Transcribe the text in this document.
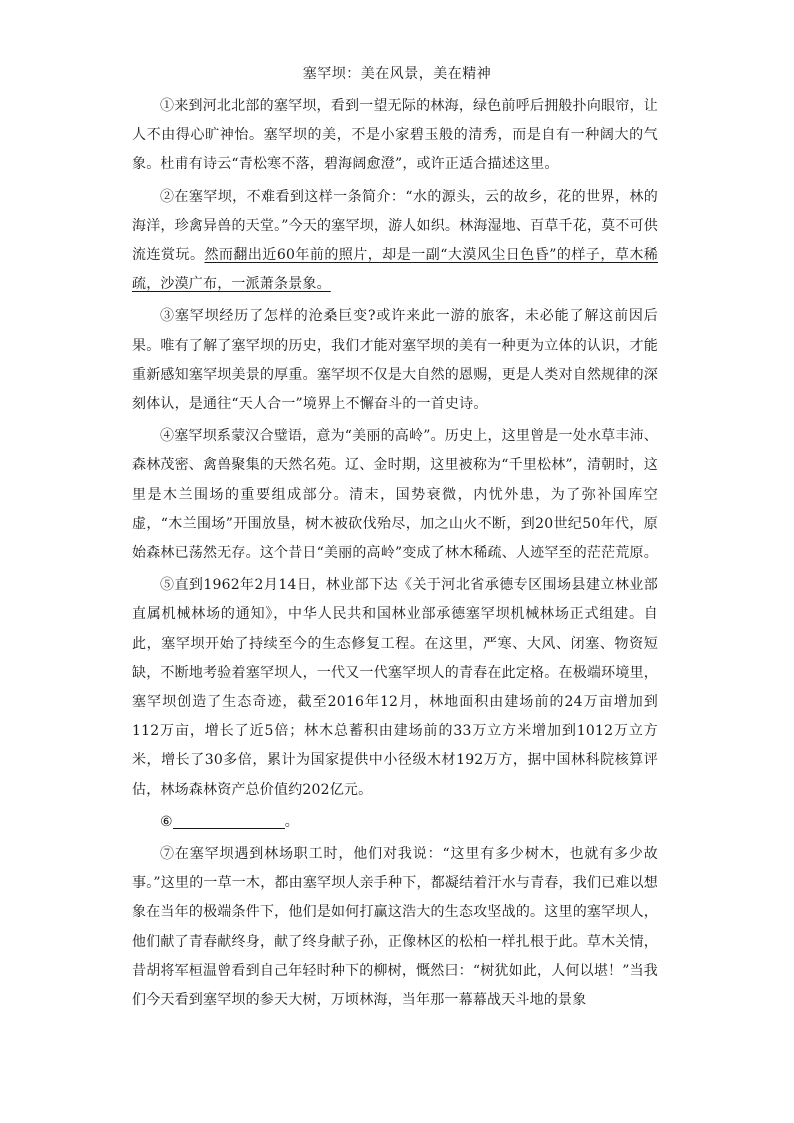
塞罕坝：美在风景，美在精神

①来到河北北部的塞罕坝，看到一望无际的林海，绿色前呼后拥般扑向眼帘，让人不由得心旷神怡。塞罕坝的美，不是小家碧玉般的清秀，而是自有一种阔大的气象。杜甫有诗云“青松寒不落，碧海阔愈澄”，或许正适合描述这里。

②在塞罕坝，不难看到这样一条简介：“水的源头，云的故乡，花的世界，林的海洋，珍禽异兽的天堂。”今天的塞罕坝，游人如织。林海湿地、百草千花，莫不可供流连赏玩。然而翻出近60年前的照片，却是一副“大漠风尘日色昏”的样子，草木稀疏，沙漠广布，一派萧条景象。

③塞罕坝经历了怎样的沧桑巨变?或许来此一游的旅客，未必能了解这前因后果。唯有了解了塞罕坝的历史，我们才能对塞罕坝的美有一种更为立体的认识，才能重新感知塞罕坝美景的厚重。塞罕坝不仅是大自然的恩赐，更是人类对自然规律的深刻体认，是通往“天人合一”境界上不懈奋斗的一首史诗。

④塞罕坝系蒙汉合璧语，意为“美丽的高岭”。历史上，这里曾是一处水草丰沛、森林茂密、禽兽聚集的天然名苑。辽、金时期，这里被称为“千里松林”，清朝时，这里是木兰围场的重要组成部分。清末，国势衰微，内忧外患，为了弥补国库空虚，“木兰围场”开围放垦，树木被砍伐殆尽，加之山火不断，到20世纪50年代，原始森林已荡然无存。这个昔日“美丽的高岭”变成了林木稀疏、人迹罕至的茫茫荒原。

⑤直到1962年2月14日，林业部下达《关于河北省承德专区围场县建立林业部直属机械林场的通知》，中华人民共和国林业部承德塞罕坝机械林场正式组建。自此，塞罕坝开始了持续至今的生态修复工程。在这里，严寒、大风、闭塞、物资短缺，不断地考验着塞罕坝人，一代又一代塞罕坝人的青春在此定格。在极端环境里，塞罕坝创造了生态奇迹，截至2016年12月，林地面积由建场前的24万亩增加到112万亩，增长了近5倍；林木总蓄积由建场前的33万立方米增加到1012万立方米，增长了30多倍，累计为国家提供中小径级木材192万方，据中国林科院核算评估，林场森林资产总价值约202亿元。

⑥	。

⑦在塞罕坝遇到林场职工时，他们对我说：“这里有多少树木，也就有多少故事。”这里的一草一木，都由塞罕坝人亲手种下，都凝结着汗水与青春，我们已难以想象在当年的极端条件下，他们是如何打赢这浩大的生态攻坚战的。这里的塞罕坝人，他们献了青春献终身，献了终身献子孙，正像林区的松柏一样扎根于此。草木关情，昔胡将军桓温曾看到自己年轻时种下的柳树，慨然曰：“树犹如此，人何以堪！”当我们今天看到塞罕坝的参天大树，万顷林海，当年那一幕幕战天斗地的景象
